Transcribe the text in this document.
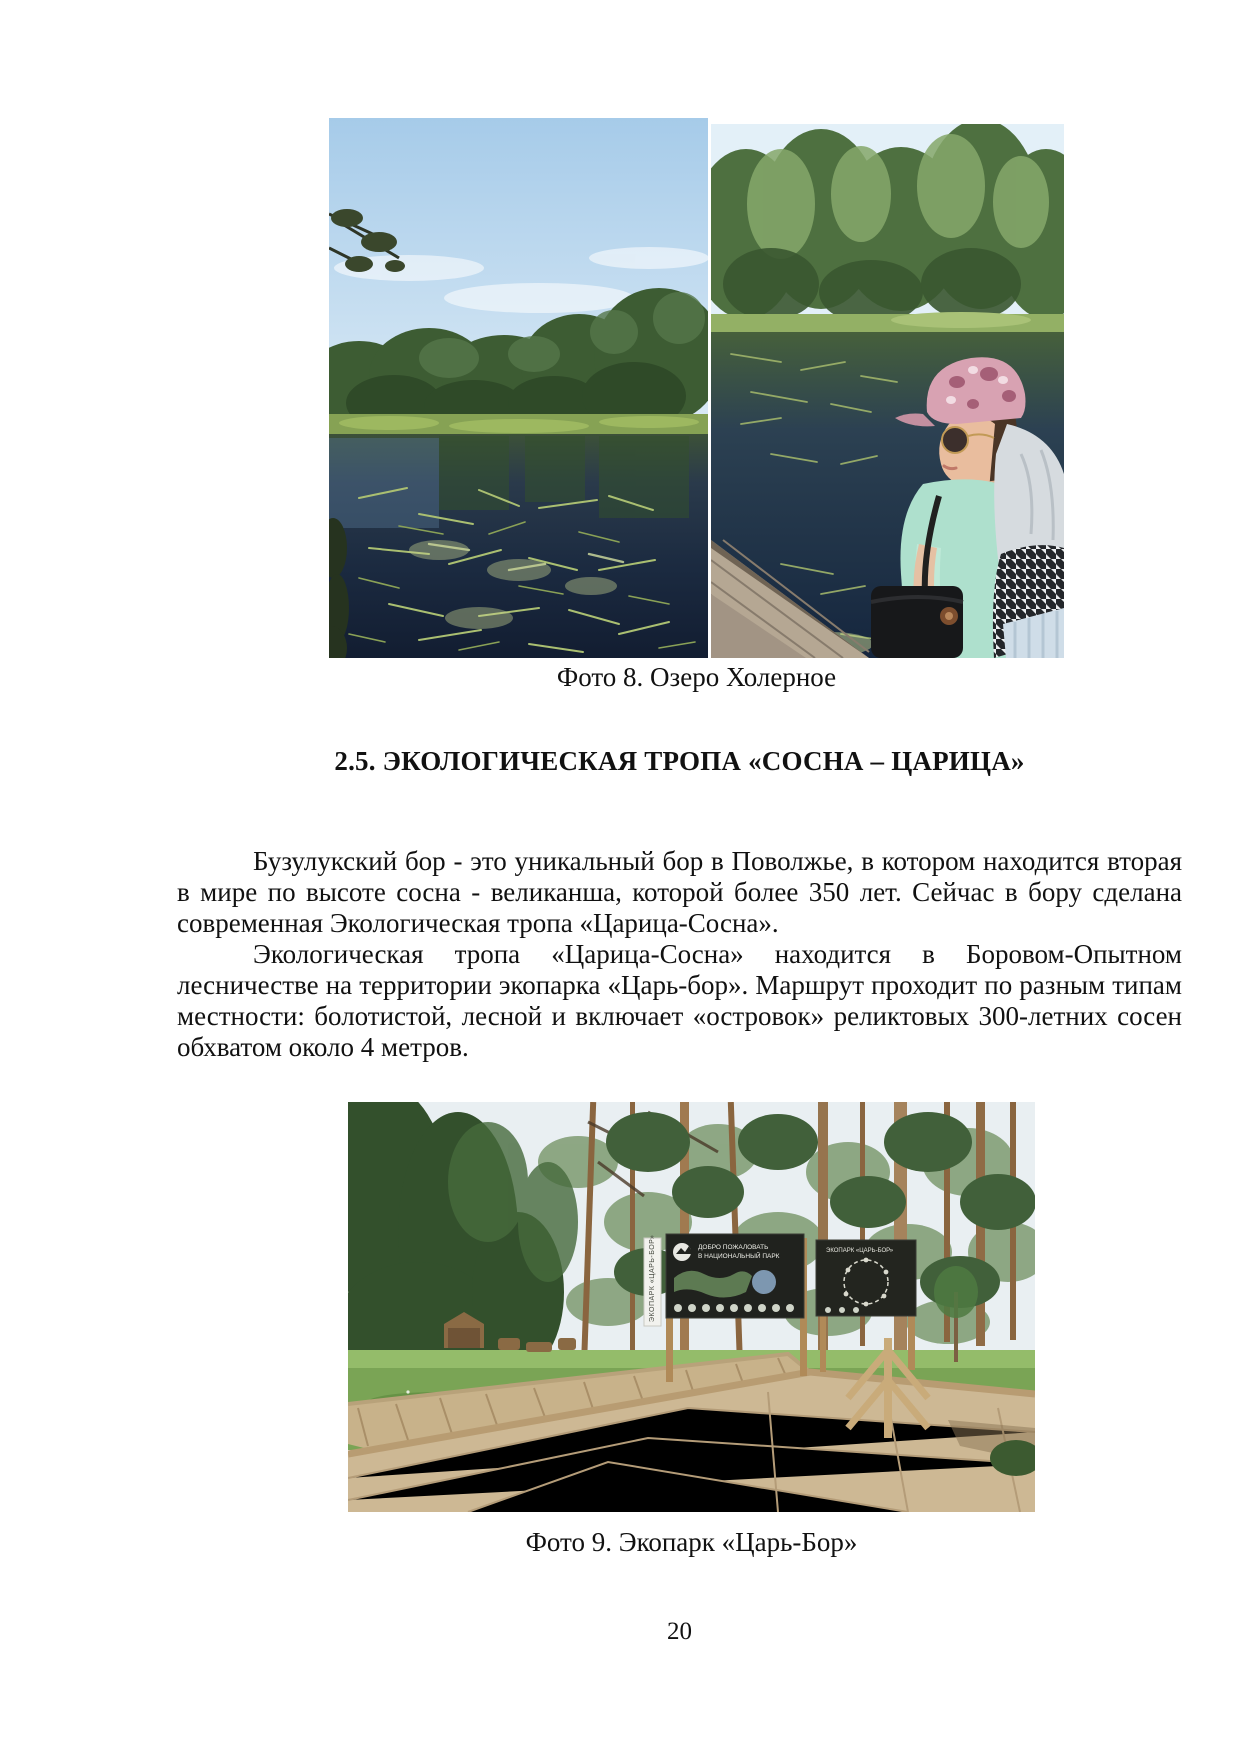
Фото 8. Озеро Холерное
2.5. ЭКОЛОГИЧЕСКАЯ ТРОПА «СОСНА – ЦАРИЦА»

Бузулукский бор - это уникальный бор в Поволжье, в котором находится вторая в мире по высоте сосна - великанша, которой более 350 лет. Сейчас в бору сделана современная Экологическая тропа «Царица-Сосна».

Экологическая тропа «Царица-Сосна» находится в Боровом-Опытном лесничестве на территории экопарка «Царь-бор». Маршрут проходит по разным типам местности: болотистой, лесной и включает «островок» реликтовых 300-летних сосен обхватом около 4 метров.

ЭКОПАРК «ЦАРЬ-БОР»	ДОБРО ПОЖАЛОВАТЬ
В НАЦИОНАЛЬНЫЙ ПАРК
ЭКОПАРК «ЦАРЬ-БОР»
Фото 9. Экопарк «Царь-Бор»
20
